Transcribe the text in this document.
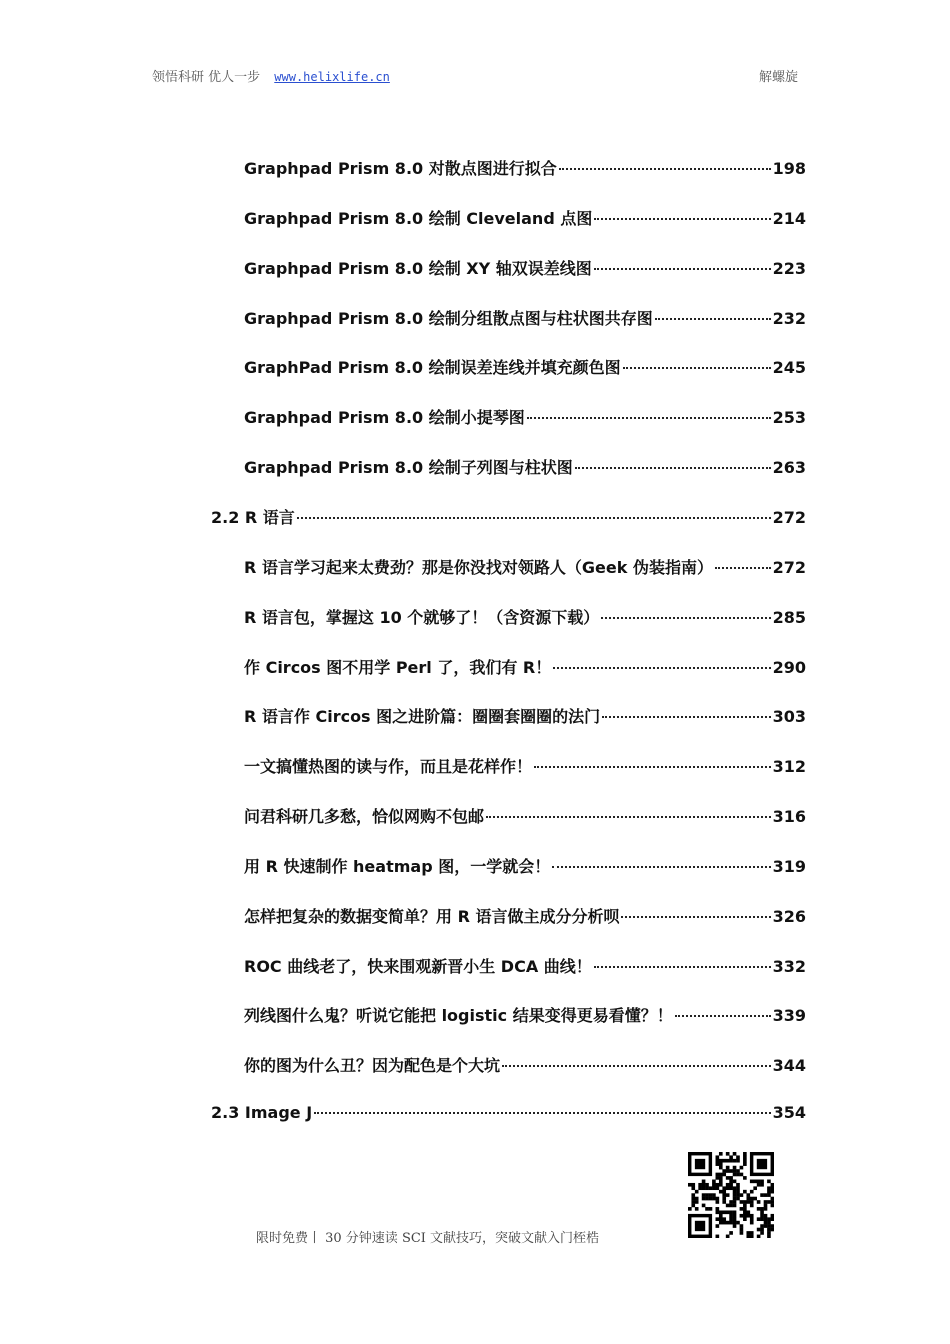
领悟科研 优人一步 www.helixlife.cn	解螺旋
Graphpad Prism 8.0 对散点图进行拟合	198
Graphpad Prism 8.0 绘制 Cleveland 点图	214
Graphpad Prism 8.0 绘制 XY 轴双误差线图	223
Graphpad Prism 8.0 绘制分组散点图与柱状图共存图	232
GraphPad Prism 8.0 绘制误差连线并填充颜色图	245
Graphpad Prism 8.0 绘制小提琴图	253
Graphpad Prism 8.0 绘制子列图与柱状图	263
2.2 R 语言	272
R 语言学习起来太费劲？那是你没找对领路人（Geek 伪装指南）	272
R 语言包，掌握这 10 个就够了！（含资源下载）	285
作 Circos 图不用学 Perl 了，我们有 R！	290
R 语言作 Circos 图之进阶篇：圈圈套圈圈的法门	303
一文搞懂热图的读与作，而且是花样作！	312
问君科研几多愁，恰似网购不包邮	316
用 R 快速制作 heatmap 图，一学就会！	319
怎样把复杂的数据变简单？用 R 语言做主成分分析呗	326
ROC 曲线老了，快来围观新晋小生 DCA 曲线！	332
列线图什么鬼？听说它能把 logistic 结果变得更易看懂？！	339
你的图为什么丑？因为配色是个大坑	344
2.3 Image J	354
限时免费丨 30 分钟速读 SCI 文献技巧，突破文献入门桎梏
